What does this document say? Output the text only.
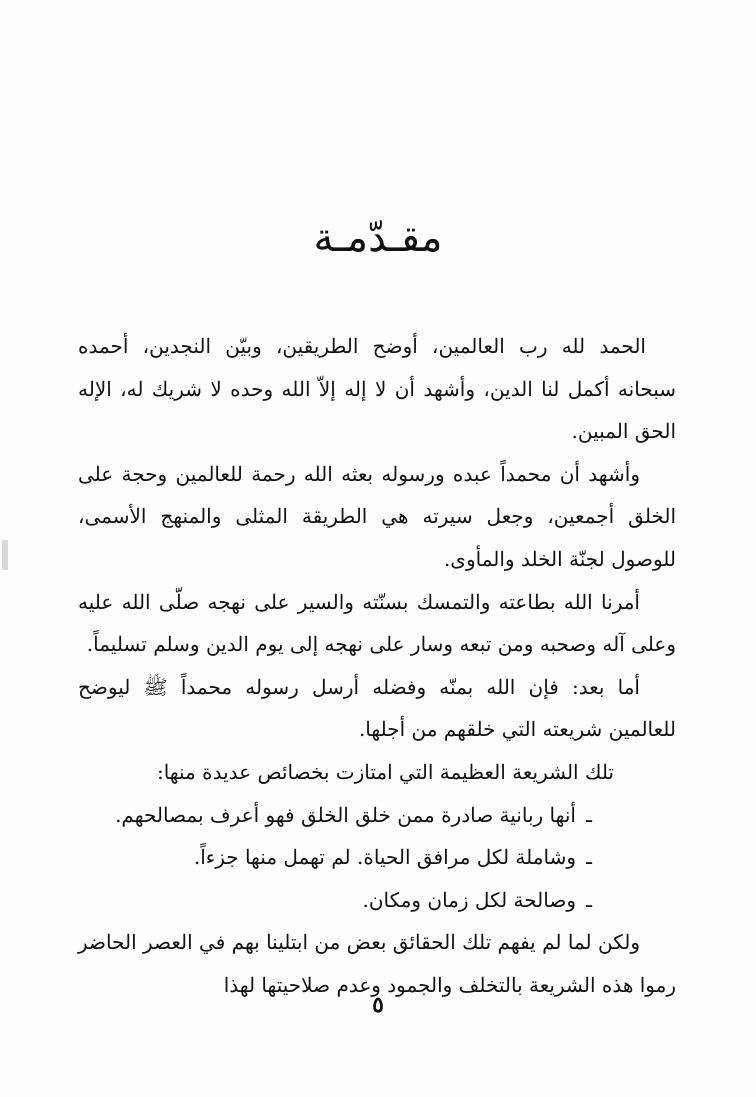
مقـدّمـة

الحمد لله رب العالمين، أوضح الطريقين، وبيّن النجدين، أحمده سبحانه أكمل لنا الدين، وأشهد أن لا إله إلاّ الله وحده لا شريك له، الإله الحق المبين.

وأشهد أن محمداً عبده ورسوله بعثه الله رحمة للعالمين وحجة على الخلق أجمعين، وجعل سيرته هي الطريقة المثلى والمنهج الأسمى، للوصول لجنّة الخلد والمأوى.

أمرنا الله بطاعته والتمسك بسنّته والسير على نهجه صلّى الله عليه وعلى آله وصحبه ومن تبعه وسار على نهجه إلى يوم الدين وسلم تسليماً.

أما بعد: فإن الله بمنّه وفضله أرسل رسوله محمداً ﷺ ليوضح للعالمين شريعته التي خلقهم من أجلها.

تلك الشريعة العظيمة التي امتازت بخصائص عديدة منها:

ـ
أنها ربانية صادرة ممن خلق الخلق فهو أعرف بمصالحهم.
ـ
وشاملة لكل مرافق الحياة. لم تهمل منها جزءاً.
ـ
وصالحة لكل زمان ومكان.

ولكن لما لم يفهم تلك الحقائق بعض من ابتلينا بهم في العصر الحاضر رموا هذه الشريعة بالتخلف والجمود وعدم صلاحيتها لهذا

٥
